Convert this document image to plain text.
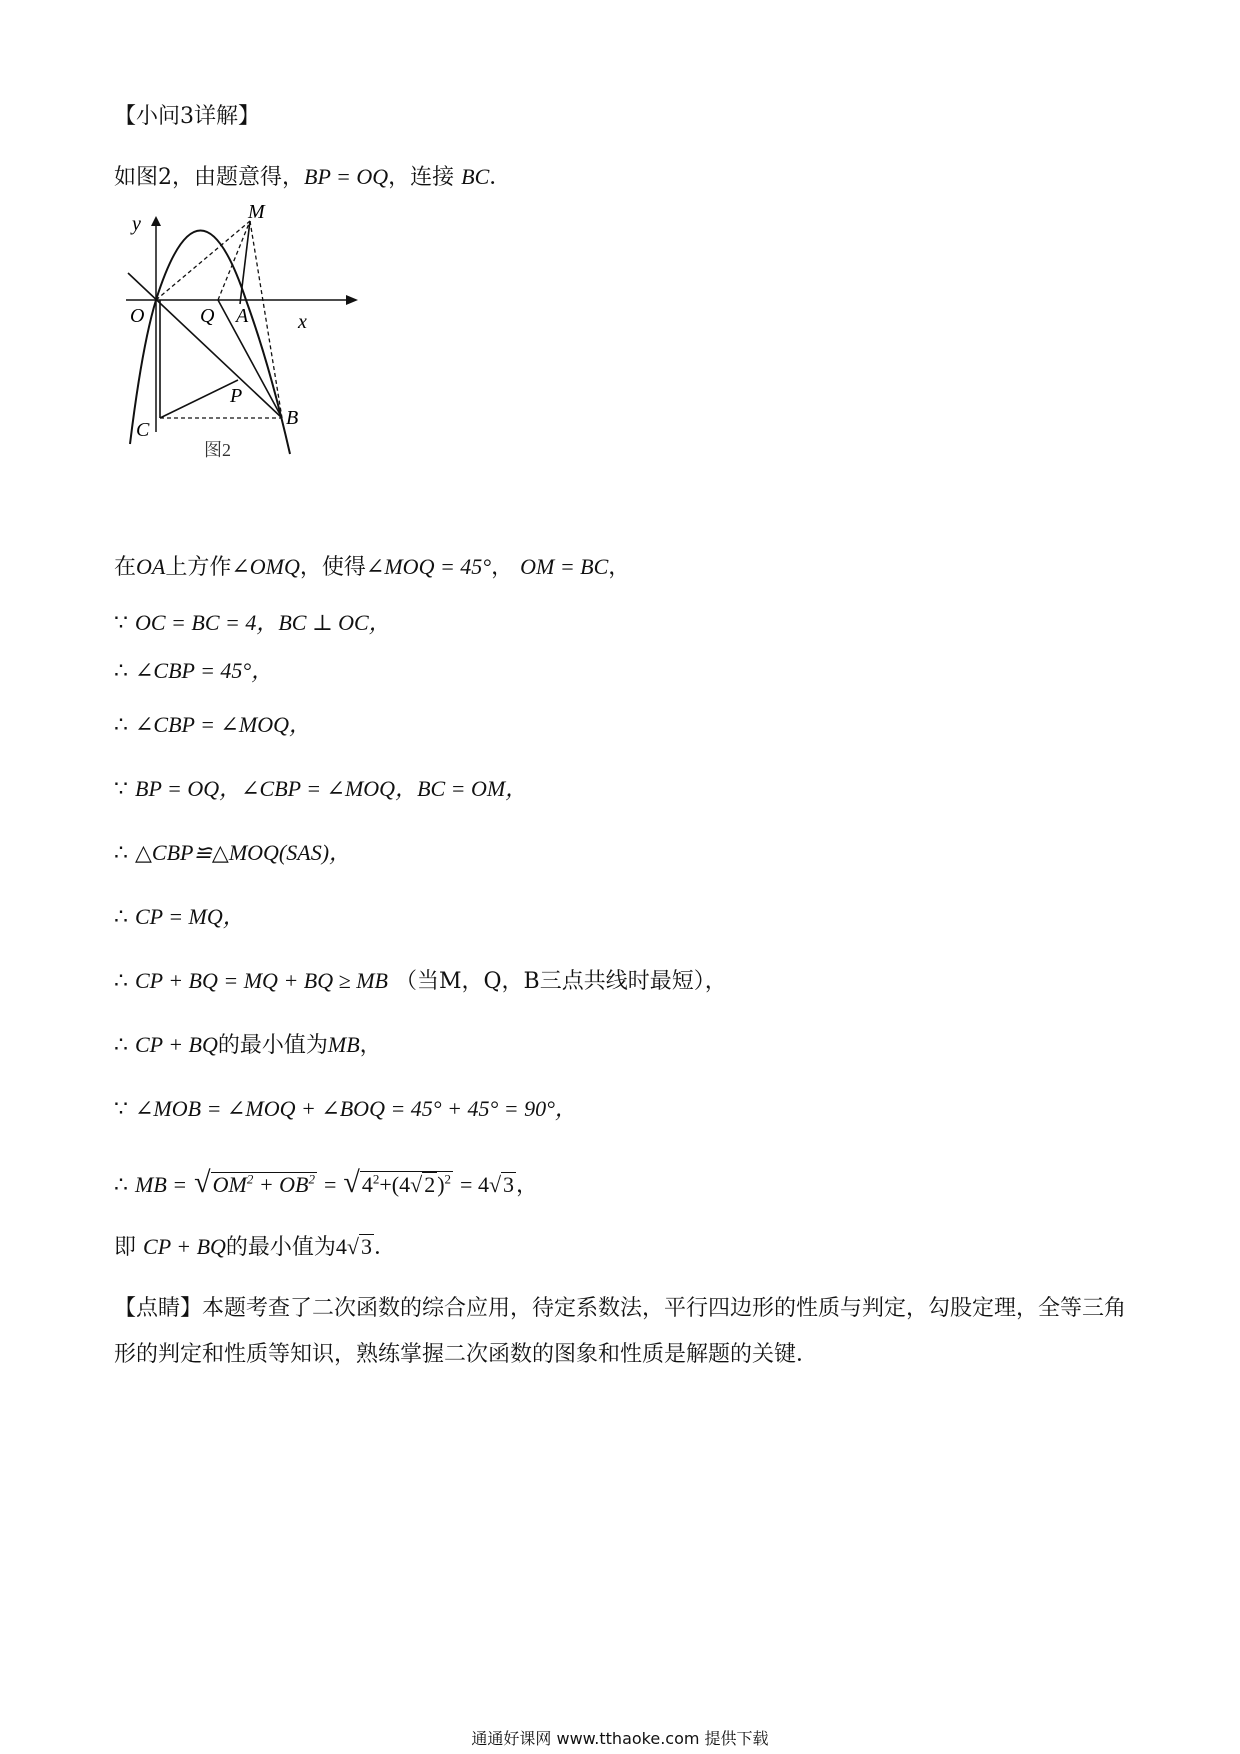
【小问3详解】
如图2，由题意得，BP = OQ，连接 BC．
y
M
O	Q A x
P
B
C
图2
在OA上方作∠OMQ，使得∠MOQ = 45°， OM = BC，
∵ OC = BC = 4，BC ⊥ OC，
∴ ∠CBP = 45°，
∴ ∠CBP = ∠MOQ，
∵ BP = OQ，∠CBP = ∠MOQ，BC = OM，
∴ △CBP≌△MOQ(SAS)，
∴ CP = MQ，
∴ CP + BQ = MQ + BQ ≥ MB （当M，Q，B三点共线时最短），
∴ CP + BQ的最小值为MB，
∵ ∠MOB = ∠MOQ + ∠BOQ = 45° + 45° = 90°，
∴ MB = $√OM^2 + OB^2 = √4^2+(4√2)^2 = 4√3$，
即 CP + BQ的最小值为4√3．
【点睛】本题考查了二次函数的综合应用，待定系数法，平行四边形的性质与判定，勾股定理，全等三角
形的判定和性质等知识，熟练掌握二次函数的图象和性质是解题的关键．
通通好课网 www.tthaoke.com 提供下载
